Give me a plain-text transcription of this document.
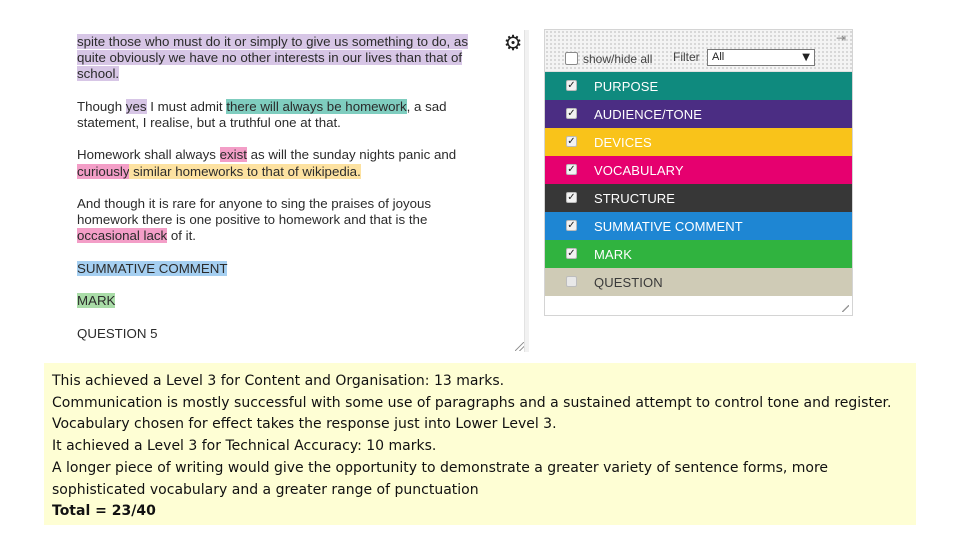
spite those who must do it or simply to give us something to do, as quite obviously we have no other interests in our lives than that of school.

Though yes I must admit there will always be homework, a sad statement, I realise, but a truthful one at that.

Homework shall always exist as will the sunday nights panic and curiously similar homeworks to that of wikipedia.

And though it is rare for anyone to sing the praises of joyous homework there is one positive to homework and that is the occasional lack of it.

SUMMATIVE COMMENT

MARK

QUESTION 5

⚙
show/hide all Filter	All	▼
⇥
✓ PURPOSE
✓ AUDIENCE/TONE
✓ DEVICES
✓ VOCABULARY
✓ STRUCTURE
✓ SUMMATIVE COMMENT
✓ MARK
QUESTION
This achieved a Level 3 for Content and Organisation: 13 marks.
Communication is mostly successful with some use of paragraphs and a sustained attempt to control tone and register. Vocabulary chosen for effect takes the response just into Lower Level 3.
It achieved a Level 3 for Technical Accuracy: 10 marks.
A longer piece of writing would give the opportunity to demonstrate a greater variety of sentence forms, more sophisticated vocabulary and a greater range of punctuation
Total = 23/40
